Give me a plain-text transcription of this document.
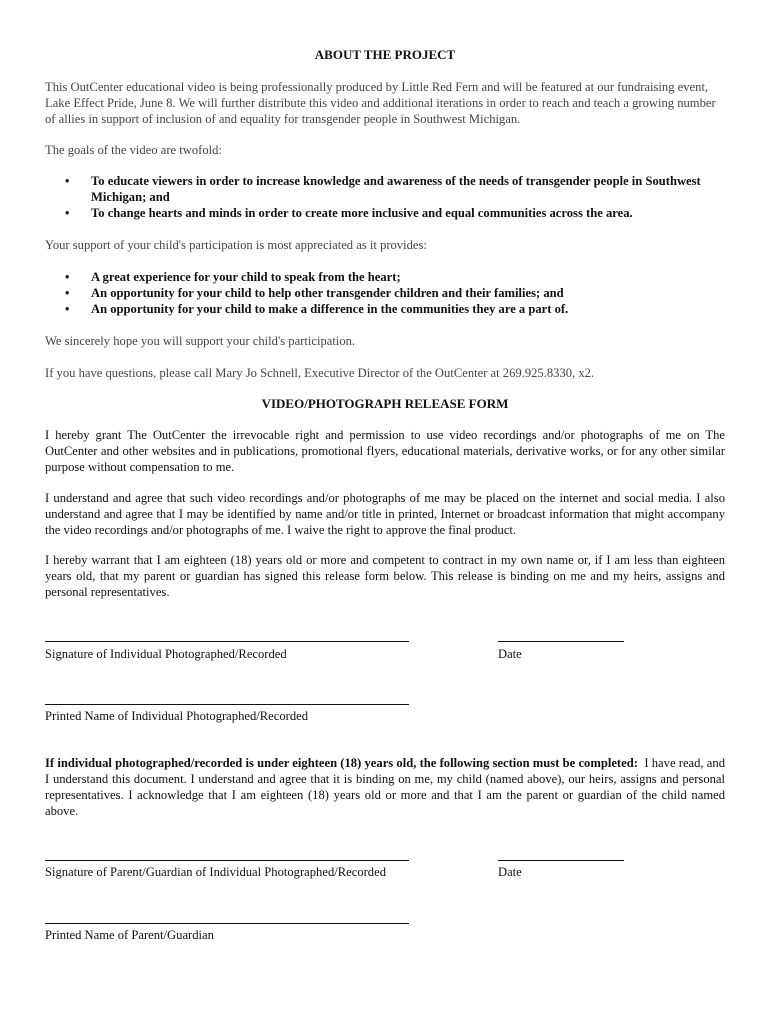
ABOUT THE PROJECT

This OutCenter educational video is being professionally produced by Little Red Fern and will be featured at our fundraising event, Lake Effect Pride, June 8. We will further distribute this video and additional iterations in order to reach and teach a growing number of allies in support of inclusion of and equality for transgender people in Southwest Michigan.

The goals of the video are twofold:

• To educate viewers in order to increase knowledge and awareness of the needs of transgender people in Southwest Michigan; and
• To change hearts and minds in order to create more inclusive and equal communities across the area.

Your support of your child's participation is most appreciated as it provides:

• A great experience for your child to speak from the heart;
• An opportunity for your child to help other transgender children and their families; and
• An opportunity for your child to make a difference in the communities they are a part of.

We sincerely hope you will support your child's participation.

If you have questions, please call Mary Jo Schnell, Executive Director of the OutCenter at 269.925.8330, x2.

VIDEO/PHOTOGRAPH RELEASE FORM

I hereby grant The OutCenter the irrevocable right and permission to use video recordings and/or photographs of me on The OutCenter and other websites and in publications, promotional flyers, educational materials, derivative works, or for any other similar purpose without compensation to me.

I understand and agree that such video recordings and/or photographs of me may be placed on the internet and social media. I also understand and agree that I may be identified by name and/or title in printed, Internet or broadcast information that might accompany the video recordings and/or photographs of me. I waive the right to approve the final product.

I hereby warrant that I am eighteen (18) years old or more and competent to contract in my own name or, if I am less than eighteen years old, that my parent or guardian has signed this release form below. This release is binding on me and my heirs, assigns and personal representatives.

Signature of Individual Photographed/Recorded	Date
Printed Name of Individual Photographed/Recorded

If individual photographed/recorded is under eighteen (18) years old, the following section must be completed: I have read, and I understand this document. I understand and agree that it is binding on me, my child (named above), our heirs, assigns and personal representatives. I acknowledge that I am eighteen (18) years old or more and that I am the parent or guardian of the child named above.

Signature of Parent/Guardian of Individual Photographed/Recorded	Date
Printed Name of Parent/Guardian
